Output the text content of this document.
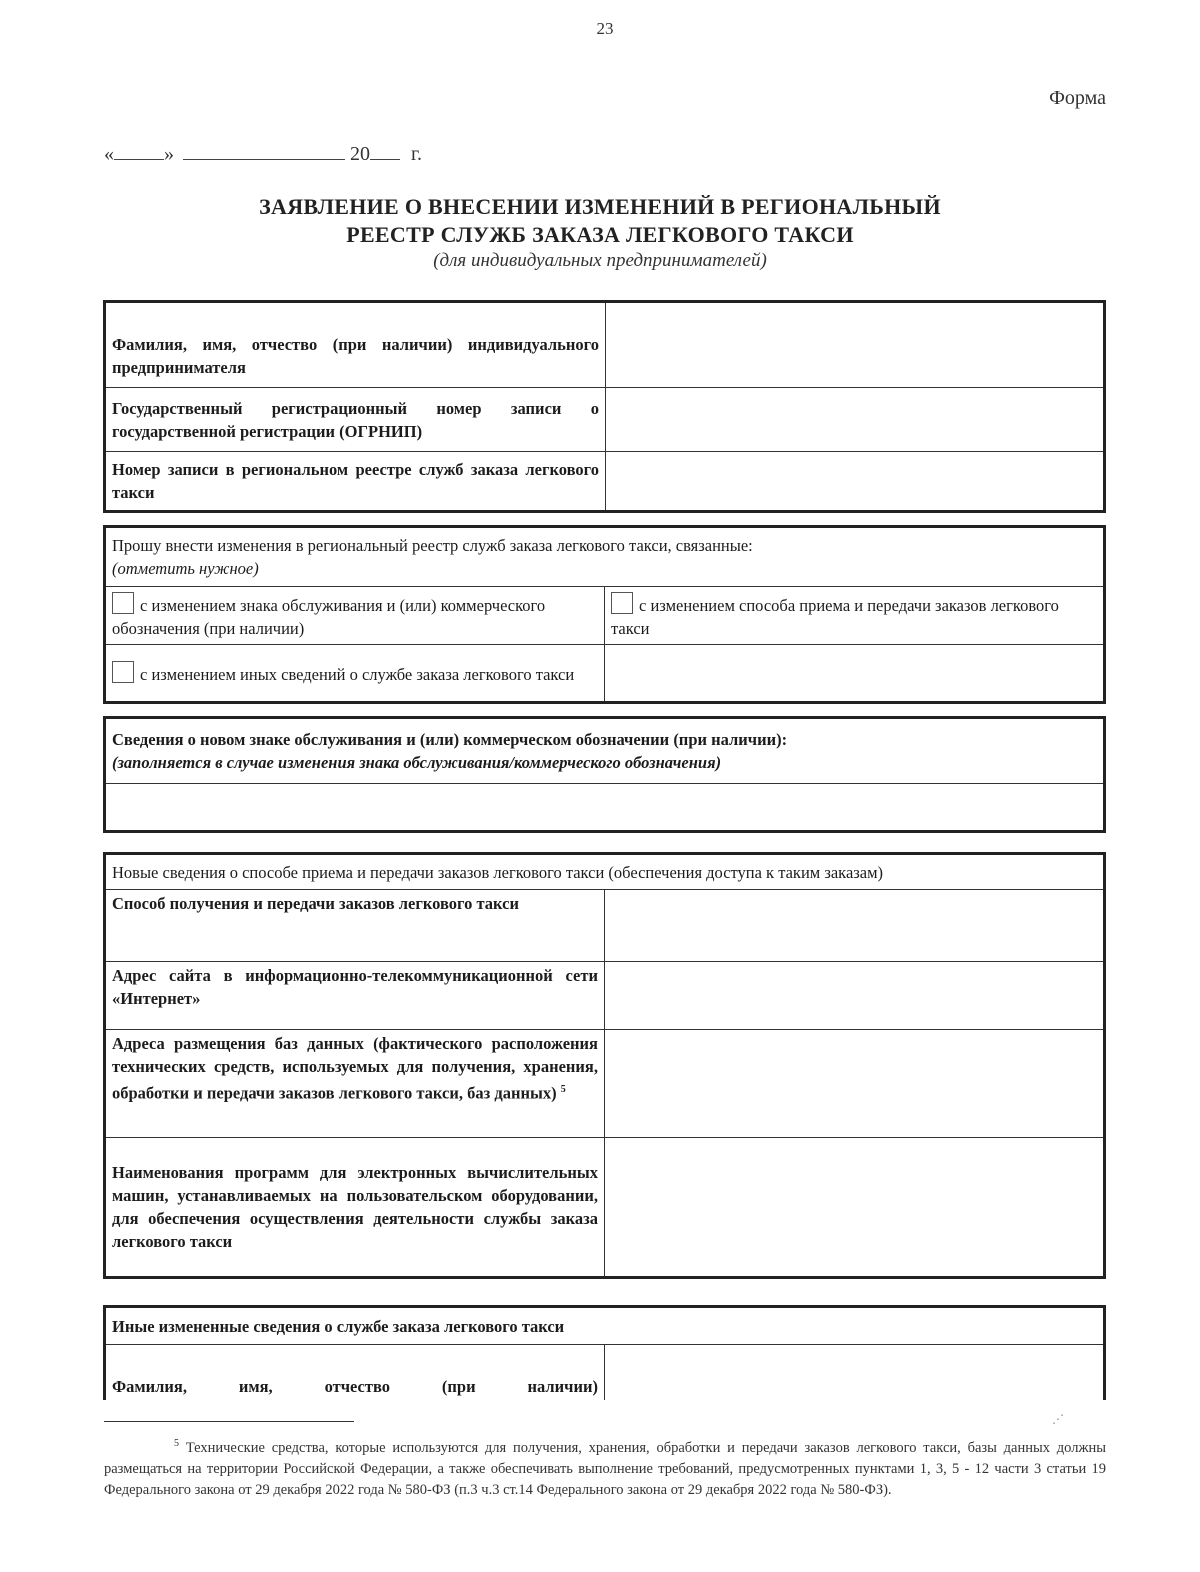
23
Форма
«	»	20 г.
ЗАЯВЛЕНИЕ О ВНЕСЕНИИ ИЗМЕНЕНИЙ В РЕГИОНАЛЬНЫЙ
РЕЕСТР СЛУЖБ ЗАКАЗА ЛЕГКОВОГО ТАКСИ
(для индивидуальных предпринимателей)
Фамилия, имя, отчество (при наличии) индивидуального предпринимателя	
Государственный регистрационный номер записи о государственной регистрации (ОГРНИП)	
Номер записи в региональном реестре служб заказа легкового такси	
Прошу внести изменения в региональный реестр служб заказа легкового такси, связанные:
(отметить нужное)	

с изменением знака обслуживания и (или) коммерческого обозначения (при наличии)	с изменением способа приема и передачи заказов легкового такси
с изменением иных сведений о службе заказа легкового такси	
Сведения о новом знаке обслуживания и (или) коммерческом обозначении (при наличии):
(заполняется в случае изменения знака обслуживания/коммерческого обозначения)

Новые сведения о способе приема и передачи заказов легкового такси (обеспечения доступа к таким заказам)	
Способ получения и передачи заказов легкового такси	
Адрес сайта в информационно-телекоммуникационной сети «Интернет»	
Адреса размещения баз данных (фактического расположения технических средств, используемых для получения, хранения, обработки и передачи заказов легкового такси, баз данных) $^5$	
Наименования программ для электронных вычислительных машин, устанавливаемых на пользовательском оборудовании, для обеспечения осуществления деятельности службы заказа легкового такси	
Иные измененные сведения о службе заказа легкового такси
Фамилия, имя, отчество (при наличии)	
⋰
$^5$ Технические средства, которые используются для получения, хранения, обработки и передачи заказов легкового такси, базы данных должны размещаться на территории Российской Федерации, а также обеспечивать выполнение требований, предусмотренных пунктами 1, 3, 5 - 12 части 3 статьи 19 Федерального закона от 29 декабря 2022 года № 580-ФЗ (п.3 ч.3 ст.14 Федерального закона от 29 декабря 2022 года № 580-ФЗ).
